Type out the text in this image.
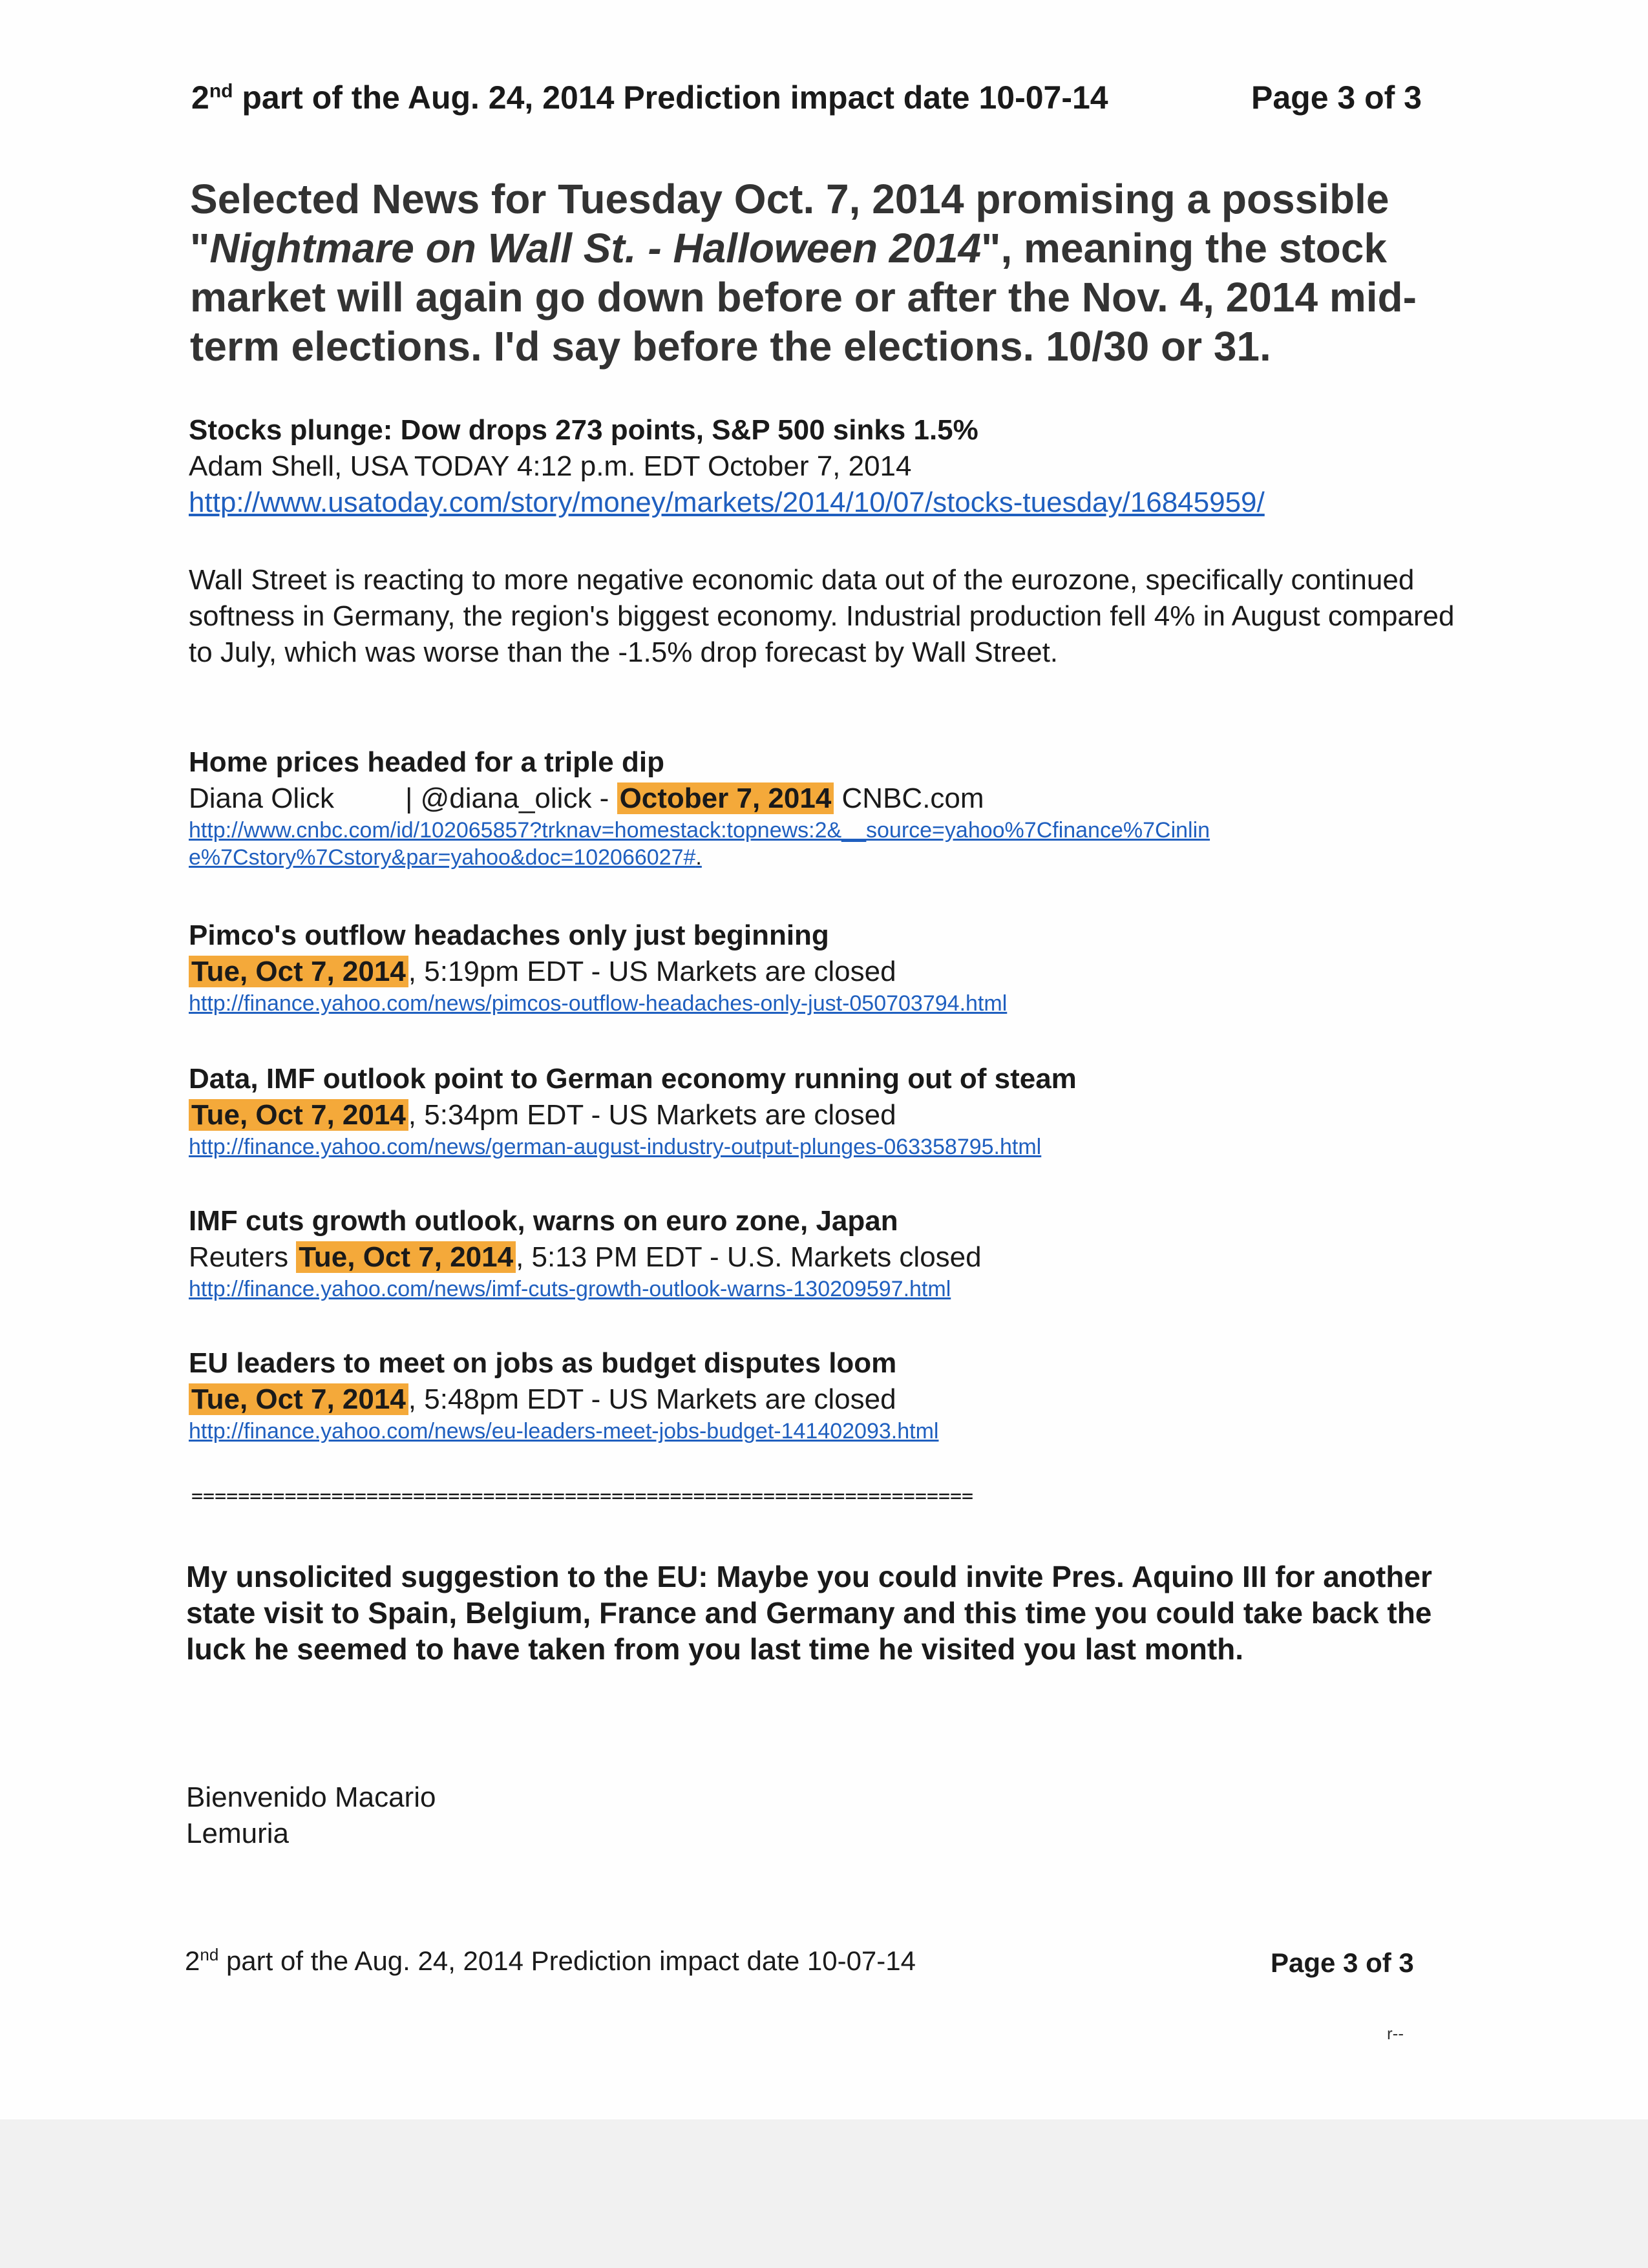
2nd part of the Aug. 24, 2014 Prediction impact date 10-07-14	Page 3 of 3
Selected News for Tuesday Oct. 7, 2014 promising a possible "Nightmare on Wall St. - Halloween 2014", meaning the stock market will again go down before or after the Nov. 4, 2014 mid-term elections. I'd say before the elections. 10/30 or 31.
Stocks plunge: Dow drops 273 points, S&P 500 sinks 1.5%
Adam Shell, USA TODAY 4:12 p.m. EDT October 7, 2014
http://www.usatoday.com/story/money/markets/2014/10/07/stocks-tuesday/16845959/
Wall Street is reacting to more negative economic data out of the eurozone, specifically continued softness in Germany, the region's biggest economy. Industrial production fell 4% in August compared to July, which was worse than the -1.5% drop forecast by Wall Street.
Home prices headed for a triple dip
Diana Olick         | @diana_olick - October 7, 2014 CNBC.com
http://www.cnbc.com/id/102065857?trknav=homestack:topnews:2&__source=yahoo%7Cfinance%7Cinlin
e%7Cstory%7Cstory&par=yahoo&doc=102066027#.
Pimco's outflow headaches only just beginning
Tue, Oct 7, 2014, 5:19pm EDT - US Markets are closed
http://finance.yahoo.com/news/pimcos-outflow-headaches-only-just-050703794.html
Data, IMF outlook point to German economy running out of steam
Tue, Oct 7, 2014, 5:34pm EDT - US Markets are closed
http://finance.yahoo.com/news/german-august-industry-output-plunges-063358795.html
IMF cuts growth outlook, warns on euro zone, Japan
Reuters Tue, Oct 7, 2014, 5:13 PM EDT - U.S. Markets closed
http://finance.yahoo.com/news/imf-cuts-growth-outlook-warns-130209597.html
EU leaders to meet on jobs as budget disputes loom
Tue, Oct 7, 2014, 5:48pm EDT - US Markets are closed
http://finance.yahoo.com/news/eu-leaders-meet-jobs-budget-141402093.html
===================================================================
My unsolicited suggestion to the EU: Maybe you could invite Pres. Aquino III for another state visit to Spain, Belgium, France and Germany and this time you could take back the luck he seemed to have taken from you last time he visited you last month.
Bienvenido Macario
Lemuria
2nd part of the Aug. 24, 2014 Prediction impact date 10-07-14	Page 3 of 3
r--
